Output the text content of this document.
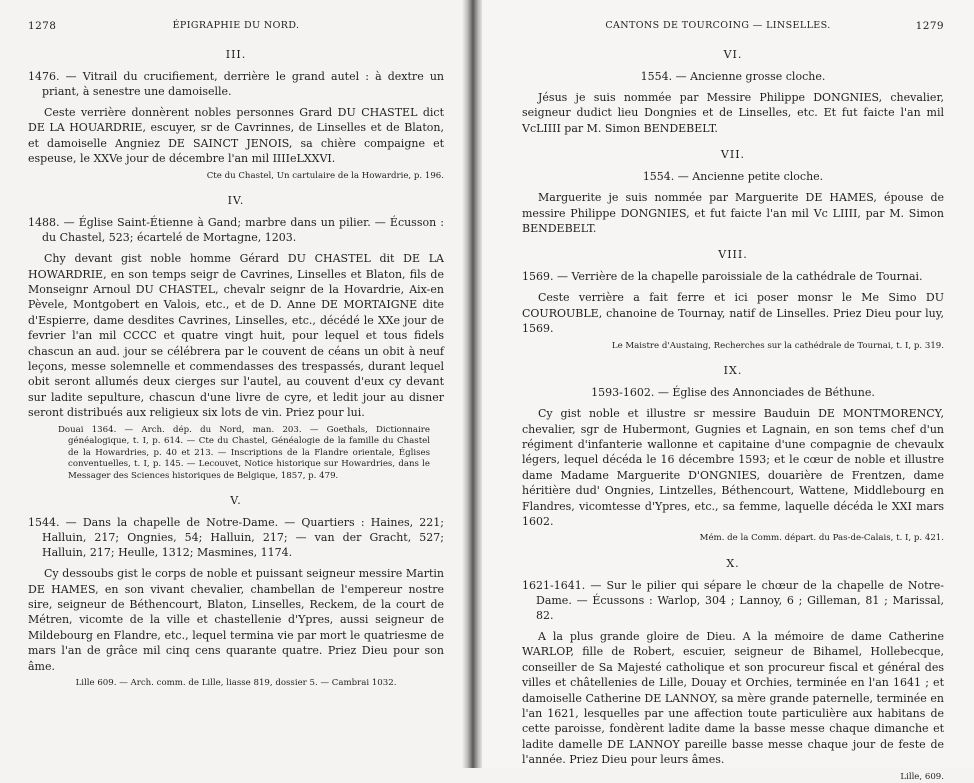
1278	ÉPIGRAPHIE DU NORD.
III.
1476. — Vitrail du crucifiement, derrière le grand autel : à dextre un priant, à senestre une damoiselle.
Ceste verrière donnèrent nobles personnes Grard DU CHASTEL dict DE LA HOUARDRIE, escuyer, sr de Cavrinnes, de Linselles et de Blaton, et damoiselle Angniez DE SAINCT JENOIS, sa chière compaigne et espeuse, le XXVe jour de décembre l'an mil IIIIeLXXVI.
Cte du Chastel, Un cartulaire de la Howardrie, p. 196.
IV.
1488. — Église Saint-Étienne à Gand; marbre dans un pilier. — Écusson : du Chastel, 523; écartelé de Mortagne, 1203.
Chy devant gist noble homme Gérard DU CHASTEL dit DE LA HOWARDRIE, en son temps seigr de Cavrines, Linselles et Blaton, fils de Monseignr Arnoul DU CHASTEL, chevalr seignr de la Hovardrie, Aix-en Pèvele, Montgobert en Valois, etc., et de D. Anne DE MORTAIGNE dite d'Espierre, dame desdites Cavrines, Linselles, etc., décédé le XXe jour de fevrier l'an mil CCCC et quatre vingt huit, pour lequel et tous fidels chascun an aud. jour se célébrera par le couvent de céans un obit à neuf leçons, messe solemnelle et commendasses des trespassés, durant lequel obit seront allumés deux cierges sur l'autel, au couvent d'eux cy devant sur ladite sepulture, chascun d'une livre de cyre, et ledit jour au disner seront distribués aux religieux six lots de vin. Priez pour lui.
Douai 1364. — Arch. dép. du Nord, man. 203. — Goethals, Dictionnaire généalogique, t. I, p. 614. — Cte du Chastel, Généalogie de la famille du Chastel de la Howardries, p. 40 et 213. — Inscriptions de la Flandre orientale, Églises conventuelles, t. I, p. 145. — Lecouvet, Notice historique sur Howardries, dans le Messager des Sciences historiques de Belgique, 1857, p. 479.
V.
1544. — Dans la chapelle de Notre-Dame. — Quartiers : Haines, 221; Halluin, 217; Ongnies, 54; Halluin, 217; — van der Gracht, 527; Halluin, 217; Heulle, 1312; Masmines, 1174.
Cy dessoubs gist le corps de noble et puissant seigneur messire Martin DE HAMES, en son vivant chevalier, chambellan de l'empereur nostre sire, seigneur de Béthencourt, Blaton, Linselles, Reckem, de la court de Métren, vicomte de la ville et chastellenie d'Ypres, aussi seigneur de Mildebourg en Flandre, etc., lequel termina vie par mort le quatriesme de mars l'an de grâce mil cinq cens quarante quatre. Priez Dieu pour son âme.
Lille 609. — Arch. comm. de Lille, liasse 819, dossier 5. — Cambrai 1032.
CANTONS DE TOURCOING — LINSELLES.	1279
VI.
1554. — Ancienne grosse cloche.
Jésus je suis nommée par Messire Philippe DONGNIES, chevalier, seigneur dudict lieu Dongnies et de Linselles, etc. Et fut faicte l'an mil VcLIIII par M. Simon BENDEBELT.
VII.
1554. — Ancienne petite cloche.
Marguerite je suis nommée par Marguerite DE HAMES, épouse de messire Philippe DONGNIES, et fut faicte l'an mil Vc LIIII, par M. Simon BENDEBELT.
VIII.
1569. — Verrière de la chapelle paroissiale de la cathédrale de Tournai.
Ceste verrière a fait ferre et ici poser monsr le Me Simo DU COUROUBLE, chanoine de Tournay, natif de Linselles. Priez Dieu pour luy, 1569.
Le Maistre d'Austaing, Recherches sur la cathédrale de Tournai, t. I, p. 319.
IX.
1593-1602. — Église des Annonciades de Béthune.
Cy gist noble et illustre sr messire Bauduin DE MONTMORENCY, chevalier, sgr de Hubermont, Gugnies et Lagnain, en son tems chef d'un régiment d'infanterie wallonne et capitaine d'une compagnie de chevaulx légers, lequel décéda le 16 décembre 1593; et le cœur de noble et illustre dame Madame Marguerite D'ONGNIES, douarière de Frentzen, dame héritière dud' Ongnies, Lintzelles, Béthencourt, Wattene, Middlebourg en Flandres, vicomtesse d'Ypres, etc., sa femme, laquelle décéda le XXI mars 1602.
Mém. de la Comm. départ. du Pas-de-Calais, t. I, p. 421.
X.
1621-1641. — Sur le pilier qui sépare le chœur de la chapelle de Notre-Dame. — Écussons : Warlop, 304 ; Lannoy, 6 ; Gilleman, 81 ; Marissal, 82.
A la plus grande gloire de Dieu. A la mémoire de dame Catherine WARLOP, fille de Robert, escuier, seigneur de Bihamel, Hollebecque, conseiller de Sa Majesté catholique et son procureur fiscal et général des villes et châtellenies de Lille, Douay et Orchies, terminée en l'an 1641 ; et damoiselle Catherine DE LANNOY, sa mère grande paternelle, terminée en l'an 1621, lesquelles par une affection toute particulière aux habitans de cette paroisse, fondèrent ladite dame la basse messe chaque dimanche et ladite damelle DE LANNOY pareille basse messe chaque jour de feste de l'année. Priez Dieu pour leurs âmes.
Lille, 609.
